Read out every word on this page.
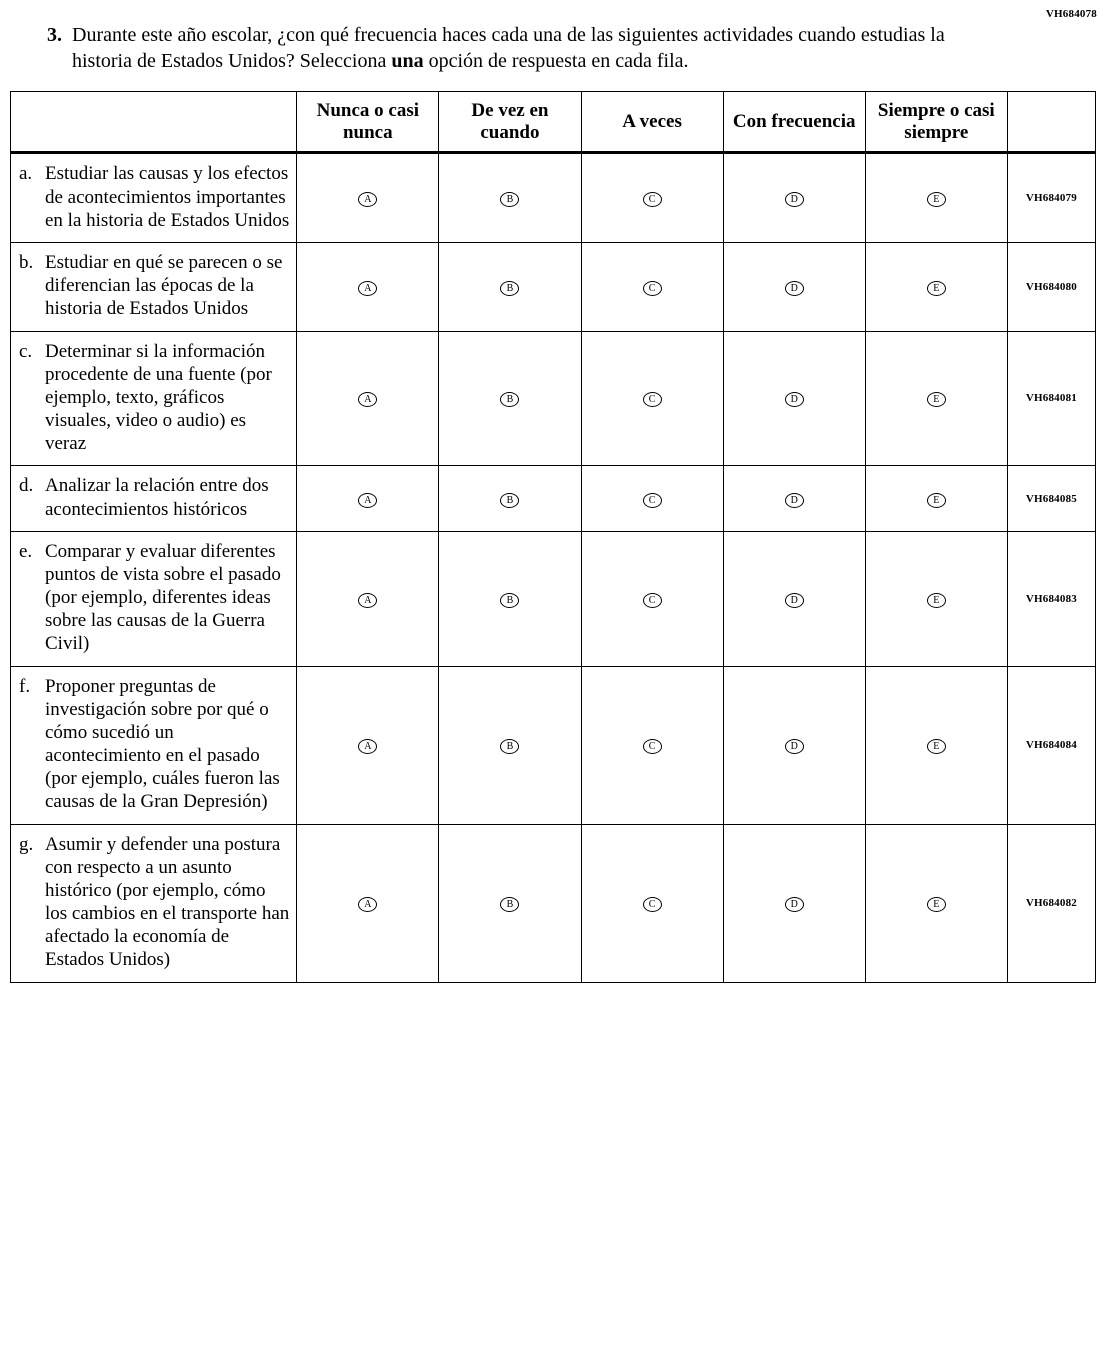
VH684078
3. Durante este año escolar, ¿con qué frecuencia haces cada una de las siguientes actividades cuando estudias la historia de Estados Unidos? Selecciona una opción de respuesta en cada fila.
	Nunca o casi nunca	De vez en cuando	A veces	Con frecuencia	Siempre o casi siempre	

a. Estudiar las causas y los efectos de acontecimientos importantes en la historia de Estados Unidos	A	B	C	D	E	VH684079

b. Estudiar en qué se parecen o se diferencian las épocas de la historia de Estados Unidos	A	B	C	D	E	VH684080

c. Determinar si la información procedente de una fuente (por ejemplo, texto, gráficos visuales, video o audio) es veraz	A	B	C	D	E	VH684081

d. Analizar la relación entre dos acontecimientos históricos	A	B	C	D	E	VH684085

e. Comparar y evaluar diferentes puntos de vista sobre el pasado (por ejemplo, diferentes ideas sobre las causas de la Guerra Civil)	A	B	C	D	E	VH684083

f. Proponer preguntas de investigación sobre por qué o cómo sucedió un acontecimiento en el pasado (por ejemplo, cuáles fueron las causas de la Gran Depresión)	A	B	C	D	E	VH684084

g. Asumir y defender una postura con respecto a un asunto histórico (por ejemplo, cómo los cambios en el transporte han afectado la economía de Estados Unidos)	A	B	C	D	E	VH684082
